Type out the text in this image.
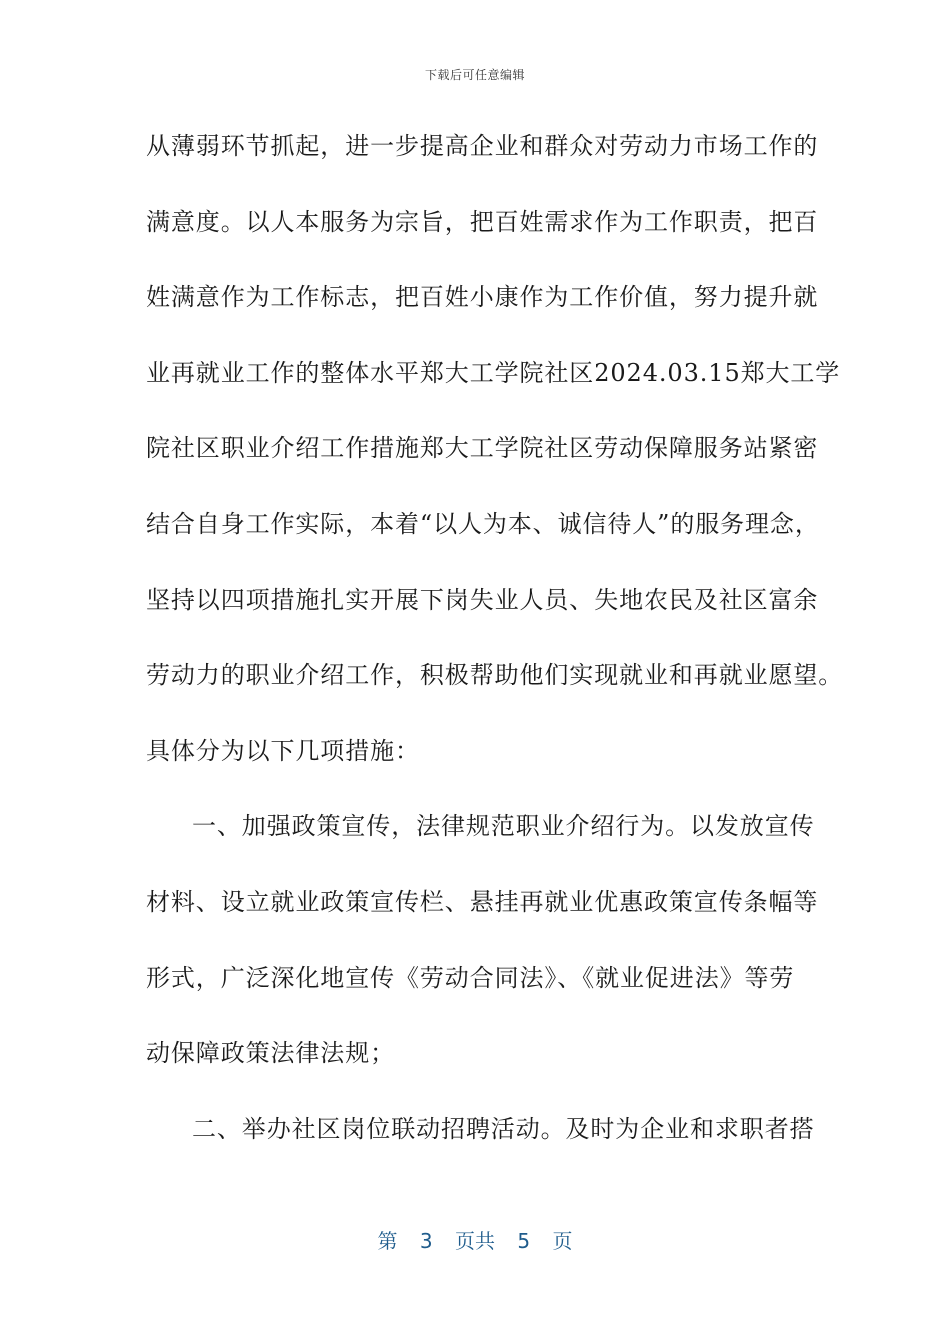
下载后可任意编辑
从薄弱环节抓起，进一步提高企业和群众对劳动力市场工作的
满意度。以人本服务为宗旨，把百姓需求作为工作职责，把百
姓满意作为工作标志，把百姓小康作为工作价值，努力提升就
业再就业工作的整体水平郑大工学院社区2024.03.15郑大工学
院社区职业介绍工作措施郑大工学院社区劳动保障服务站紧密
结合自身工作实际，本着“以人为本、诚信待人”的服务理念，
坚持以四项措施扎实开展下岗失业人员、失地农民及社区富余
劳动力的职业介绍工作，积极帮助他们实现就业和再就业愿望。
具体分为以下几项措施：
一、加强政策宣传，法律规范职业介绍行为。以发放宣传
材料、设立就业政策宣传栏、悬挂再就业优惠政策宣传条幅等
形式，广泛深化地宣传《劳动合同法》、《就业促进法》等劳
动保障政策法律法规；
二、举办社区岗位联动招聘活动。及时为企业和求职者搭
第 3 页共 5 页
